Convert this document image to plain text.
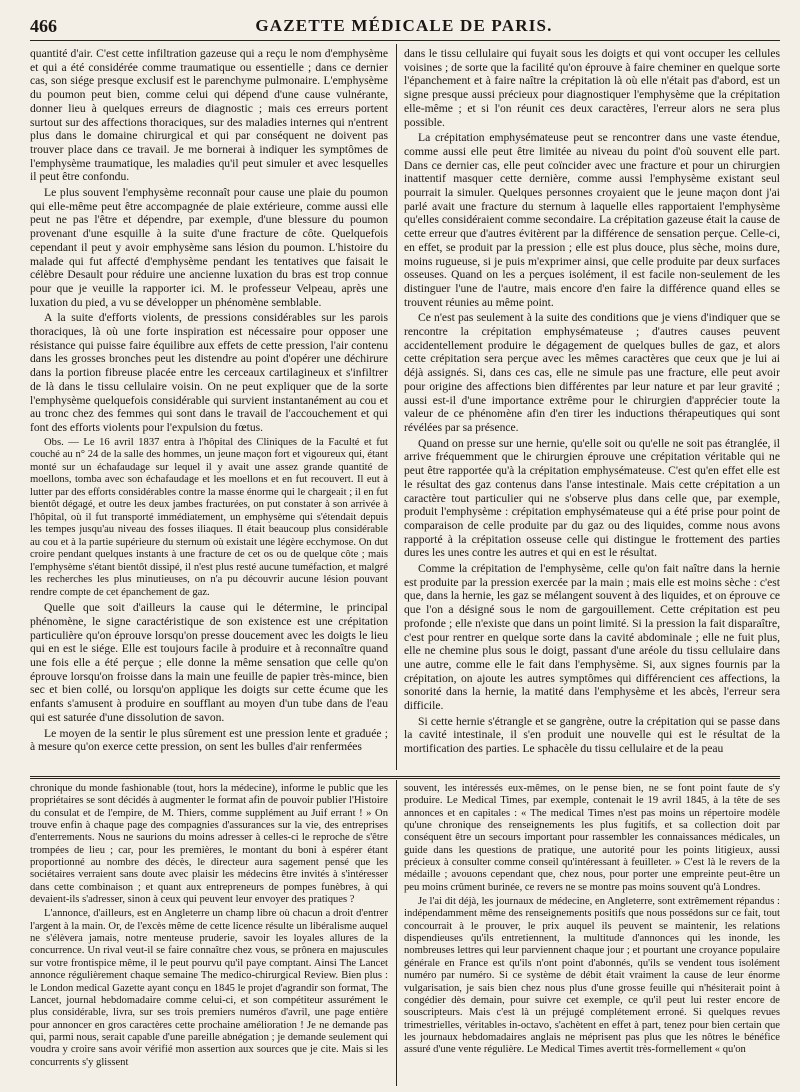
466	GAZETTE MÉDICALE DE PARIS.

quantité d'air. C'est cette infiltration gazeuse qui a reçu le nom d'emphysème et qui a été considérée comme traumatique ou essentielle ; dans ce dernier cas, son siége presque exclusif est le parenchyme pulmonaire. L'emphysème du poumon peut bien, comme celui qui dépend d'une cause vulnérante, donner lieu à quelques erreurs de diagnostic ; mais ces erreurs portent surtout sur des affections thoraciques, sur des maladies internes qui n'entrent plus dans le domaine chirurgical et qui par conséquent ne doivent pas trouver place dans ce travail. Je me bornerai à indiquer les symptômes de l'emphysème traumatique, les maladies qu'il peut simuler et avec lesquelles il peut être confondu.

Le plus souvent l'emphysème reconnaît pour cause une plaie du poumon qui elle-même peut être accompagnée de plaie extérieure, comme aussi elle peut ne pas l'être et dépendre, par exemple, d'une blessure du poumon provenant d'une esquille à la suite d'une fracture de côte. Quelquefois cependant il peut y avoir emphysème sans lésion du poumon. L'histoire du malade qui fut affecté d'emphysème pendant les tentatives que faisait le célèbre Desault pour réduire une ancienne luxation du bras est trop connue pour que je veuille la rapporter ici. M. le professeur Velpeau, après une luxation du pied, a vu se développer un phénomène semblable.

A la suite d'efforts violents, de pressions considérables sur les parois thoraciques, là où une forte inspiration est nécessaire pour opposer une résistance qui puisse faire équilibre aux effets de cette pression, l'air contenu dans les grosses bronches peut les distendre au point d'opérer une déchirure dans la portion fibreuse placée entre les cerceaux cartilagineux et s'infiltrer de là dans le tissu cellulaire voisin. On ne peut expliquer que de la sorte l'emphysème quelquefois considérable qui survient instantanément au cou et au tronc chez des femmes qui sont dans le travail de l'accouchement et qui font des efforts violents pour l'expulsion du fœtus.

Obs. — Le 16 avril 1837 entra à l'hôpital des Cliniques de la Faculté et fut couché au n° 24 de la salle des hommes, un jeune maçon fort et vigoureux qui, étant monté sur un échafaudage sur lequel il y avait une assez grande quantité de moellons, tomba avec son échafaudage et les moellons et en fut recouvert. Il eut à lutter par des efforts considérables contre la masse énorme qui le chargeait ; il en fut bientôt dégagé, et outre les deux jambes fracturées, on put constater à son arrivée à l'hôpital, où il fut transporté immédiatement, un emphysème qui s'étendait depuis les tempes jusqu'au niveau des fosses iliaques. Il était beaucoup plus considérable au cou et à la partie supérieure du sternum où existait une légère ecchymose. On dut croire pendant quelques instants à une fracture de cet os ou de quelque côte ; mais l'emphysème s'étant bientôt dissipé, il n'est plus resté aucune tuméfaction, et malgré les recherches les plus minutieuses, on n'a pu découvrir aucune lésion pouvant rendre compte de cet épanchement de gaz.

Quelle que soit d'ailleurs la cause qui le détermine, le principal phénomène, le signe caractéristique de son existence est une crépitation particulière qu'on éprouve lorsqu'on presse doucement avec les doigts le lieu qui en est le siége. Elle est toujours facile à produire et à reconnaître quand une fois elle a été perçue ; elle donne la même sensation que celle qu'on éprouve lorsqu'on froisse dans la main une feuille de papier très-mince, bien sec et bien collé, ou lorsqu'on applique les doigts sur cette écume que les enfants s'amusent à produire en soufflant au moyen d'un tube dans de l'eau qui est saturée d'une dissolution de savon.

Le moyen de la sentir le plus sûrement est une pression lente et graduée ; à mesure qu'on exerce cette pression, on sent les bulles d'air renfermées

dans le tissu cellulaire qui fuyait sous les doigts et qui vont occuper les cellules voisines ; de sorte que la facilité qu'on éprouve à faire cheminer en quelque sorte l'épanchement et à faire naître la crépitation là où elle n'était pas d'abord, est un signe presque aussi précieux pour diagnostiquer l'emphysème que la crépitation elle-même ; et si l'on réunit ces deux caractères, l'erreur alors ne sera plus possible.

La crépitation emphysémateuse peut se rencontrer dans une vaste étendue, comme aussi elle peut être limitée au niveau du point d'où souvent elle part. Dans ce dernier cas, elle peut coïncider avec une fracture et pour un chirurgien inattentif masquer cette dernière, comme aussi l'emphysème existant seul pourrait la simuler. Quelques personnes croyaient que le jeune maçon dont j'ai parlé avait une fracture du sternum à laquelle elles rapportaient l'emphysème qu'elles considéraient comme secondaire. La crépitation gazeuse était la cause de cette erreur que d'autres évitèrent par la différence de sensation perçue. Celle-ci, en effet, se produit par la pression ; elle est plus douce, plus sèche, moins dure, moins rugueuse, si je puis m'exprimer ainsi, que celle produite par deux surfaces osseuses. Quand on les a perçues isolément, il est facile non-seulement de les distinguer l'une de l'autre, mais encore d'en faire la différence quand elles se trouvent réunies au même point.

Ce n'est pas seulement à la suite des conditions que je viens d'indiquer que se rencontre la crépitation emphysémateuse ; d'autres causes peuvent accidentellement produire le dégagement de quelques bulles de gaz, et alors cette crépitation sera perçue avec les mêmes caractères que ceux que je lui ai déjà assignés. Si, dans ces cas, elle ne simule pas une fracture, elle peut avoir pour origine des affections bien différentes par leur nature et par leur gravité ; aussi est-il d'une importance extrême pour le chirurgien d'apprécier toute la valeur de ce phénomène afin d'en tirer les inductions thérapeutiques qui sont révélées par sa présence.

Quand on presse sur une hernie, qu'elle soit ou qu'elle ne soit pas étranglée, il arrive fréquemment que le chirurgien éprouve une crépitation véritable qui ne peut être rapportée qu'à la crépitation emphysémateuse. C'est qu'en effet elle est le résultat des gaz contenus dans l'anse intestinale. Mais cette crépitation a un caractère tout particulier qui ne s'observe plus dans celle que, par exemple, produit l'emphysème : crépitation emphysémateuse qui a été prise pour point de comparaison de celle produite par du gaz ou des liquides, comme nous avons rapporté à la crépitation osseuse celle qui distingue le frottement des parties dures les unes contre les autres et qui en est le résultat.

Comme la crépitation de l'emphysème, celle qu'on fait naître dans la hernie est produite par la pression exercée par la main ; mais elle est moins sèche : c'est que, dans la hernie, les gaz se mélangent souvent à des liquides, et on éprouve ce que l'on a désigné sous le nom de gargouillement. Cette crépitation est peu profonde ; elle n'existe que dans un point limité. Si la pression la fait disparaître, c'est pour rentrer en quelque sorte dans la cavité abdominale ; elle ne fuit plus, elle ne chemine plus sous le doigt, passant d'une aréole du tissu cellulaire dans une autre, comme elle le fait dans l'emphysème. Si, aux signes fournis par la crépitation, on ajoute les autres symptômes qui différencient ces affections, la sonorité dans la hernie, la matité dans l'emphysème et les abcès, l'erreur sera difficile.

Si cette hernie s'étrangle et se gangrène, outre la crépitation qui se passe dans la cavité intestinale, il s'en produit une nouvelle qui est le résultat de la mortification des parties. Le sphacèle du tissu cellulaire et de la peau

chronique du monde fashionable (tout, hors la médecine), informe le public que les propriétaires se sont décidés à augmenter le format afin de pouvoir publier l'Histoire du consulat et de l'empire, de M. Thiers, comme supplément au Juif errant ! » On trouve enfin à chaque page des compagnies d'assurances sur la vie, des entreprises d'enterrements. Nous ne saurions du moins adresser à celles-ci le reproche de s'être trompées de lieu ; car, pour les premières, le montant du boni à espérer étant proportionné au nombre des décès, le directeur aura sagement pensé que les sociétaires verraient sans doute avec plaisir les médecins être invités à s'intéresser dans cette combinaison ; et quant aux entrepreneurs de pompes funèbres, à qui devaient-ils s'adresser, sinon à ceux qui peuvent leur envoyer des pratiques ?

L'annonce, d'ailleurs, est en Angleterre un champ libre où chacun a droit d'entrer l'argent à la main. Or, de l'excès même de cette licence résulte un libéralisme auquel ne s'élèvera jamais, notre menteuse pruderie, savoir les loyales allures de la concurrence. Un rival veut-il se faire connaître chez vous, se prônera en majuscules sur votre frontispice même, il le peut pourvu qu'il paye comptant. Ainsi The Lancet annonce régulièrement chaque semaine The medico-chirurgical Review. Bien plus : le London medical Gazette ayant conçu en 1845 le projet d'agrandir son format, The Lancet, journal hebdomadaire comme celui-ci, et son compétiteur assurément le plus considérable, livra, sur ses trois premiers numéros d'avril, une page entière pour annoncer en gros caractères cette prochaine amélioration ! Je ne demande pas qui, parmi nous, serait capable d'une pareille abnégation ; je demande seulement qui voudra y croire sans avoir vérifié mon assertion aux sources que je cite. Mais si les concurrents s'y glissent

souvent, les intéressés eux-mêmes, on le pense bien, ne se font point faute de s'y produire. Le Medical Times, par exemple, contenait le 19 avril 1845, à la tête de ses annonces et en capitales : « The medical Times n'est pas moins un répertoire modèle qu'une chronique des renseignements les plus fugitifs, et sa collection doit par conséquent être un secours important pour rassembler les connaissances médicales, un guide dans les questions de pratique, une autorité pour les points litigieux, aussi précieux à consulter comme conseil qu'intéressant à feuilleter. » C'est là le revers de la médaille ; avouons cependant que, chez nous, pour porter une empreinte peut-être un peu moins crûment burinée, ce revers ne se montre pas moins souvent qu'à Londres.

Je l'ai dit déjà, les journaux de médecine, en Angleterre, sont extrêmement répandus : indépendamment même des renseignements positifs que nous possédons sur ce fait, tout concourrait à le prouver, le prix auquel ils peuvent se maintenir, les relations dispendieuses qu'ils entretiennent, la multitude d'annonces qui les inonde, les nombreuses lettres qui leur parviennent chaque jour ; et pourtant une croyance populaire générale en France est qu'ils n'ont point d'abonnés, qu'ils se vendent tous isolément numéro par numéro. Si ce système de débit était vraiment la cause de leur énorme vulgarisation, je sais bien chez nous plus d'une grosse feuille qui n'hésiterait point à congédier dès demain, pour suivre cet exemple, ce qu'il peut lui rester encore de souscripteurs. Mais c'est là un préjugé complétement erroné. Si quelques revues trimestrielles, véritables in-octavo, s'achètent en effet à part, tenez pour bien certain que les journaux hebdomadaires anglais ne méprisent pas plus que les nôtres le bénéfice assuré d'une vente régulière. Le Medical Times avertit très-formellement « qu'on
